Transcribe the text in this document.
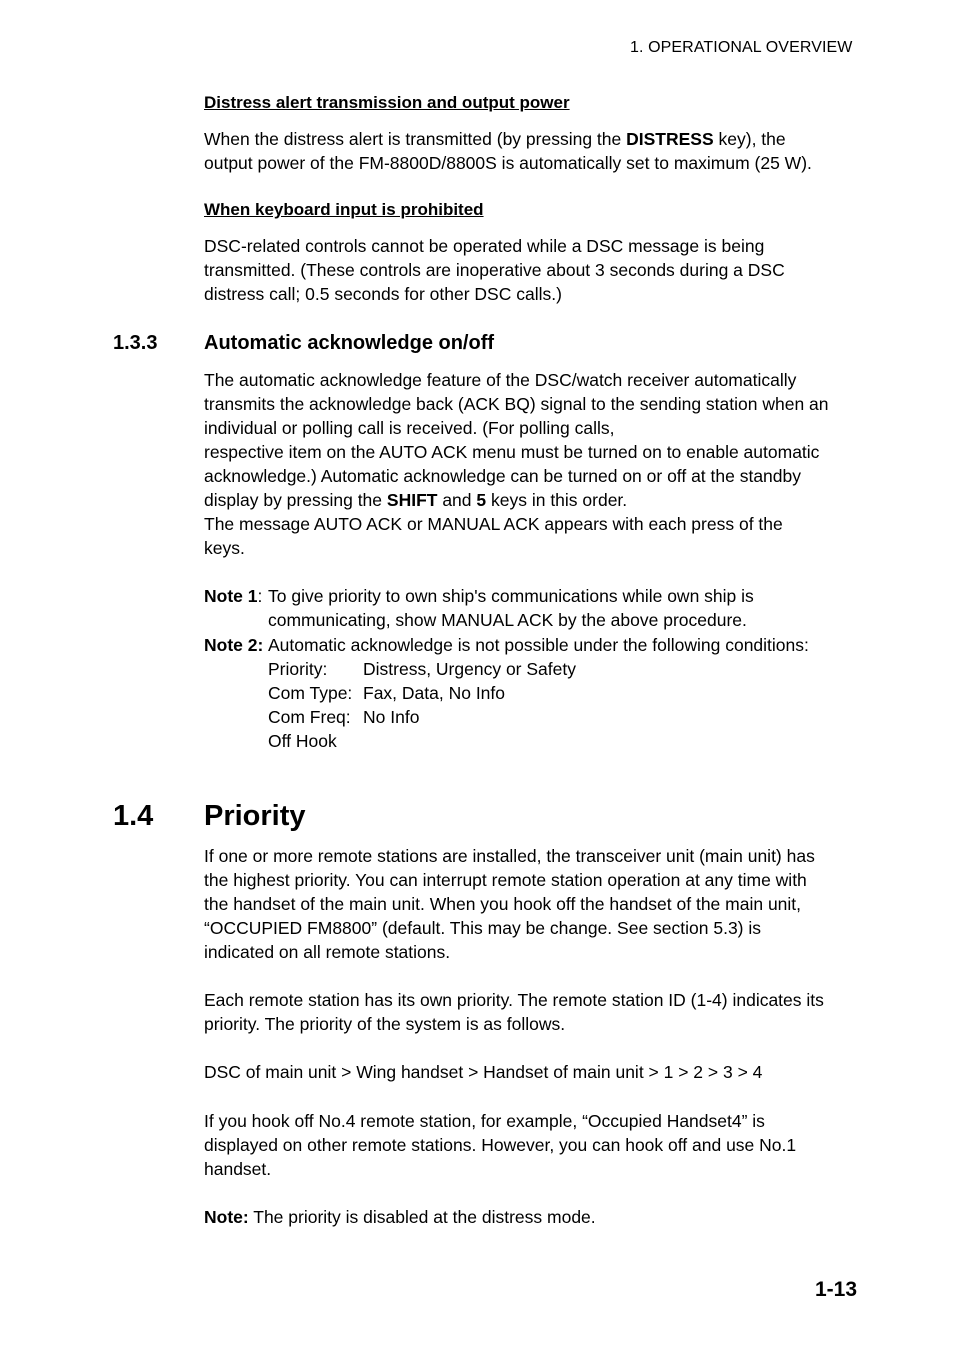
1. OPERATIONAL OVERVIEW
Distress alert transmission and output power
When the distress alert is transmitted (by pressing the DISTRESS key), the
output power of the FM-8800D/8800S is automatically set to maximum (25 W).
When keyboard input is prohibited
DSC-related controls cannot be operated while a DSC message is being
transmitted. (These controls are inoperative about 3 seconds during a DSC
distress call; 0.5 seconds for other DSC calls.)
1.3.3 Automatic acknowledge on/off
The automatic acknowledge feature of the DSC/watch receiver automatically
transmits the acknowledge back (ACK BQ) signal to the sending station when an
individual or polling call is received. (For polling calls,
respective item on the AUTO ACK menu must be turned on to enable automatic
acknowledge.) Automatic acknowledge can be turned on or off at the standby
display by pressing the SHIFT and 5 keys in this order.
The message AUTO ACK or MANUAL ACK appears with each press of the
keys.
Note 1: To give priority to own ship's communications while own ship is
communicating, show MANUAL ACK by the above procedure.
Note 2: Automatic acknowledge is not possible under the following conditions:
Priority: Distress, Urgency or Safety
Com Type: Fax, Data, No Info
Com Freq: No Info
Off Hook
1.4 Priority
If one or more remote stations are installed, the transceiver unit (main unit) has
the highest priority. You can interrupt remote station operation at any time with
the handset of the main unit. When you hook off the handset of the main unit,
“OCCUPIED FM8800” (default. This may be change. See section 5.3) is
indicated on all remote stations.
Each remote station has its own priority. The remote station ID (1-4) indicates its
priority. The priority of the system is as follows.
DSC of main unit > Wing handset > Handset of main unit > 1 > 2 > 3 > 4
If you hook off No.4 remote station, for example, “Occupied Handset4” is
displayed on other remote stations. However, you can hook off and use No.1
handset.
Note: The priority is disabled at the distress mode.
1-13
